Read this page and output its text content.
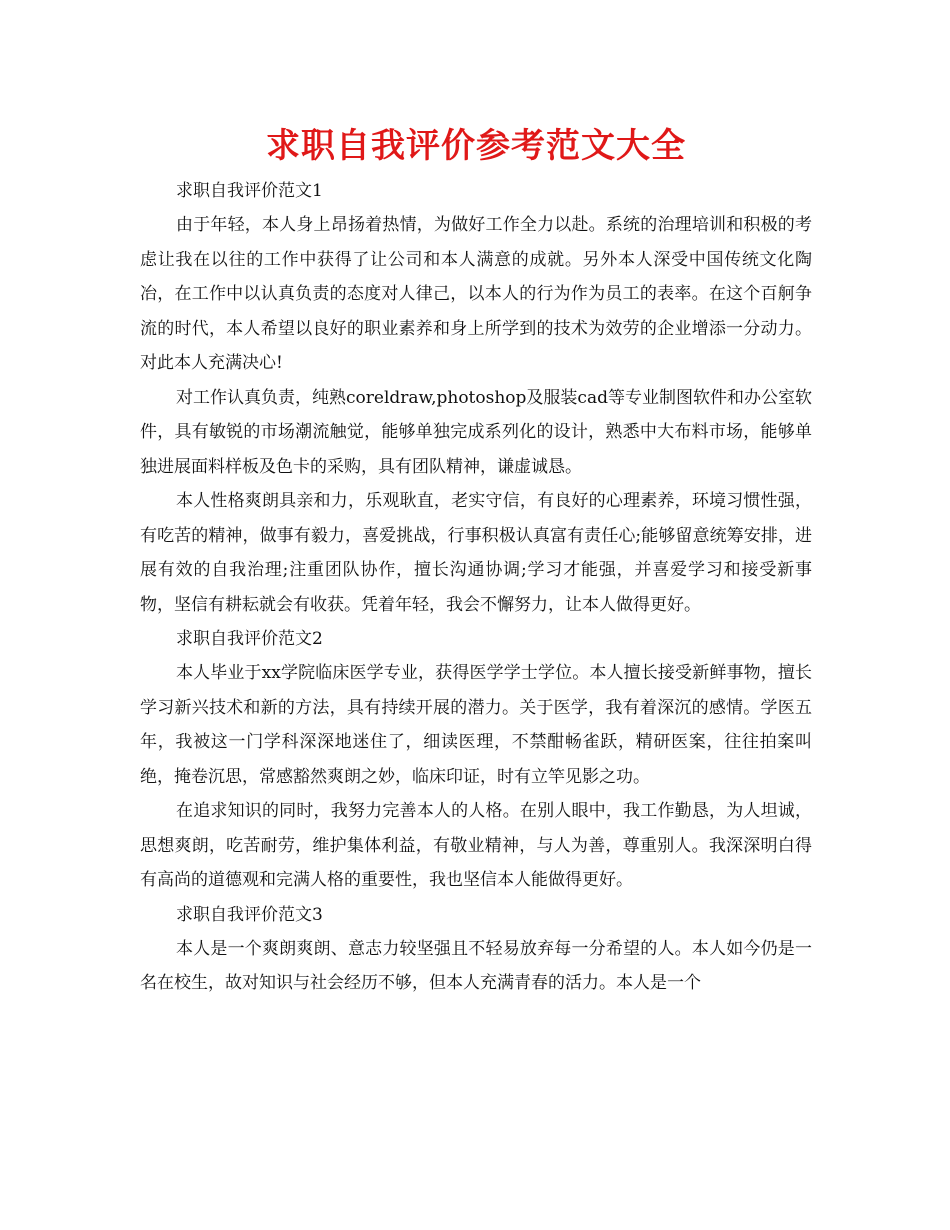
求职自我评价参考范文大全

求职自我评价范文1

由于年轻，本人身上昂扬着热情，为做好工作全力以赴。系统的治理培训和积极的考虑让我在以往的工作中获得了让公司和本人满意的成就。另外本人深受中国传统文化陶冶，在工作中以认真负责的态度对人律己，以本人的行为作为员工的表率。在这个百舸争流的时代，本人希望以良好的职业素养和身上所学到的技术为效劳的企业增添一分动力。对此本人充满决心!

对工作认真负责，纯熟coreldraw,photoshop及服装cad等专业制图软件和办公室软件，具有敏锐的市场潮流触觉，能够单独完成系列化的设计，熟悉中大布料市场，能够单独进展面料样板及色卡的采购，具有团队精神，谦虚诚恳。

本人性格爽朗具亲和力，乐观耿直，老实守信，有良好的心理素养，环境习惯性强，有吃苦的精神，做事有毅力，喜爱挑战，行事积极认真富有责任心;能够留意统筹安排，进展有效的自我治理;注重团队协作，擅长沟通协调;学习才能强，并喜爱学习和接受新事物，坚信有耕耘就会有收获。凭着年轻，我会不懈努力，让本人做得更好。

求职自我评价范文2

本人毕业于xx学院临床医学专业，获得医学学士学位。本人擅长接受新鲜事物，擅长学习新兴技术和新的方法，具有持续开展的潜力。关于医学，我有着深沉的感情。学医五年，我被这一门学科深深地迷住了，细读医理，不禁酣畅雀跃，精研医案，往往拍案叫绝，掩卷沉思，常感豁然爽朗之妙，临床印证，时有立竿见影之功。

在追求知识的同时，我努力完善本人的人格。在别人眼中，我工作勤恳，为人坦诚，思想爽朗，吃苦耐劳，维护集体利益，有敬业精神，与人为善，尊重别人。我深深明白得有高尚的道德观和完满人格的重要性，我也坚信本人能做得更好。

求职自我评价范文3

本人是一个爽朗爽朗、意志力较坚强且不轻易放弃每一分希望的人。本人如今仍是一名在校生，故对知识与社会经历不够，但本人充满青春的活力。本人是一个
